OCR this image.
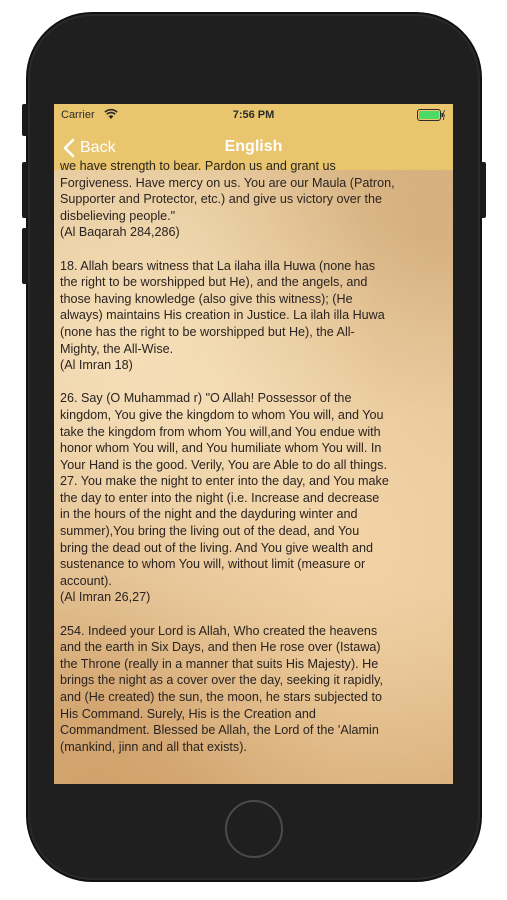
Carrier	7:56 PM
Back	English

we have strength to bear. Pardon us and grant us
Forgiveness. Have mercy on us. You are our Maula (Patron,
Supporter and Protector, etc.) and give us victory over the
disbelieving people."
(Al Baqarah 284,286)

18. Allah bears witness that La ilaha illa Huwa (none has
the right to be worshipped but He), and the angels, and
those having knowledge (also give this witness); (He
always) maintains His creation in Justice. La ilah illa Huwa
(none has the right to be worshipped but He), the All-
Mighty, the All-Wise.
(Al Imran 18)

26. Say (O Muhammad r) "O Allah! Possessor of the
kingdom, You give the kingdom to whom You will, and You
take the kingdom from whom You will,and You endue with
honor whom You will, and You humiliate whom You will. In
Your Hand is the good. Verily, You are Able to do all things.
27. You make the night to enter into the day, and You make
the day to enter into the night (i.e. Increase and decrease
in the hours of the night and the dayduring winter and
summer),You bring the living out of the dead, and You
bring the dead out of the living. And You give wealth and
sustenance to whom You will, without limit (measure or
account).
(Al Imran 26,27)

254. Indeed your Lord is Allah, Who created the heavens
and the earth in Six Days, and then He rose over (Istawa)
the Throne (really in a manner that suits His Majesty). He
brings the night as a cover over the day, seeking it rapidly,
and (He created) the sun, the moon, he stars subjected to
His Command. Surely, His is the Creation and
Commandment. Blessed be Allah, the Lord of the 'Alamin
(mankind, jinn and all that exists).
